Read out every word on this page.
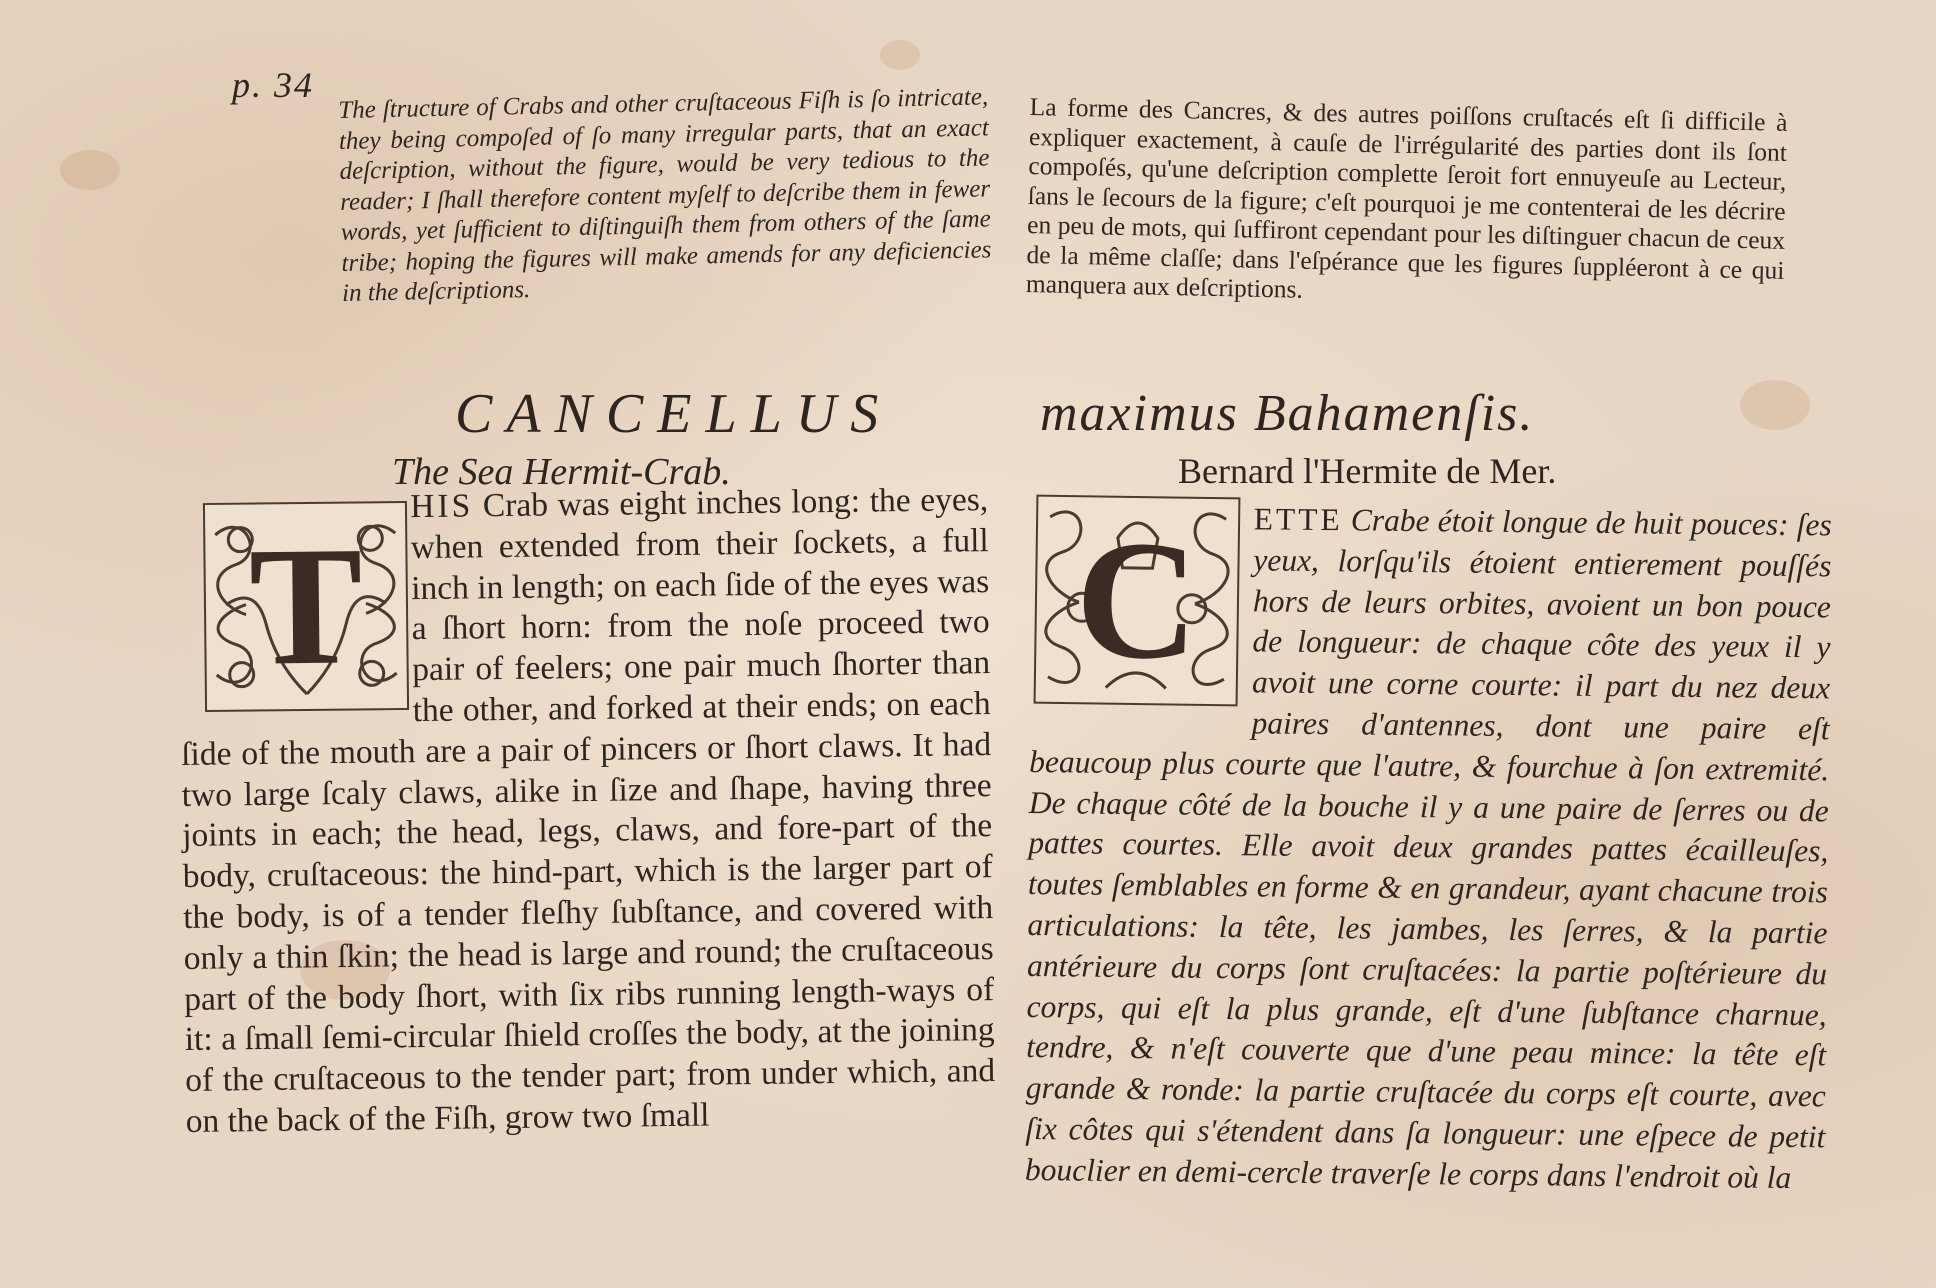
p. 34 The ſtructure of Crabs and other cruſtaceous Fiſh is ſo intricate, they being compoſed of ſo many irregular parts, that an exact deſcription, without the figure, would be very tedious to the reader; I ſhall therefore content myſelf to deſcribe them in fewer words, yet ſufficient to diſtinguiſh them from others of the ſame tribe; hoping the figures will make amends for any deficiencies in the deſcriptions.
La forme des Cancres, & des autres poiſſons cruſtacés eſt ſi difficile à expliquer exactement, à cauſe de l'irrégularité des parties dont ils ſont compoſés, qu'une deſcription complette ſeroit fort ennuyeuſe au Lecteur, ſans le ſecours de la figure; c'eſt pourquoi je me contenterai de les décrire en peu de mots, qui ſuffiront cependant pour les diſtinguer chacun de ceux de la même claſſe; dans l'eſpérance que les figures ſuppléeront à ce qui manquera aux deſcriptions.
CANCELLUS	maximus Bahamenſis.
The Sea Hermit-Crab.	Bernard l'Hermite de Mer.
HIS Crab was eight inches long: the eyes, when extended from their ſockets, a full inch in length; on each ſide of the eyes was a ſhort horn: from the noſe proceed two pair of feelers; one pair much ſhorter than the other, and forked at their ends; on each ſide of the mouth are a pair of pincers or ſhort claws. It had two large ſcaly claws, alike in ſize and ſhape, having three joints in each; the head, legs, claws, and fore-part of the body, cruſtaceous: the hind-part, which is the larger part of the body, is of a tender fleſhy ſubſtance, and covered with only a thin ſkin; the head is large and round; the cruſtaceous part of the body ſhort, with ſix ribs running length-ways of it: a ſmall ſemi-circular ſhield croſſes the body, at the joining of the cruſtaceous to the tender part; from under which, and on the back of the Fiſh, grow two ſmall
ETTE Crabe étoit longue de huit pouces: ſes yeux, lorſqu'ils étoient entierement pouſſés hors de leurs orbites, avoient un bon pouce de longueur: de chaque côte des yeux il y avoit une corne courte: il part du nez deux paires d'antennes, dont une paire eſt beaucoup plus courte que l'autre, & fourchue à ſon extremité. De chaque côté de la bouche il y a une paire de ſerres ou de pattes courtes. Elle avoit deux grandes pattes écailleuſes, toutes ſemblables en forme & en grandeur, ayant chacune trois articulations: la tête, les jambes, les ſerres, & la partie antérieure du corps ſont cruſtacées: la partie poſtérieure du corps, qui eſt la plus grande, eſt d'une ſubſtance charnue, tendre, & n'eſt couverte que d'une peau mince: la tête eſt grande & ronde: la partie cruſtacée du corps eſt courte, avec ſix côtes qui s'étendent dans ſa longueur: une eſpece de petit bouclier en demi-cercle traverſe le corps dans l'endroit où la
T	C
